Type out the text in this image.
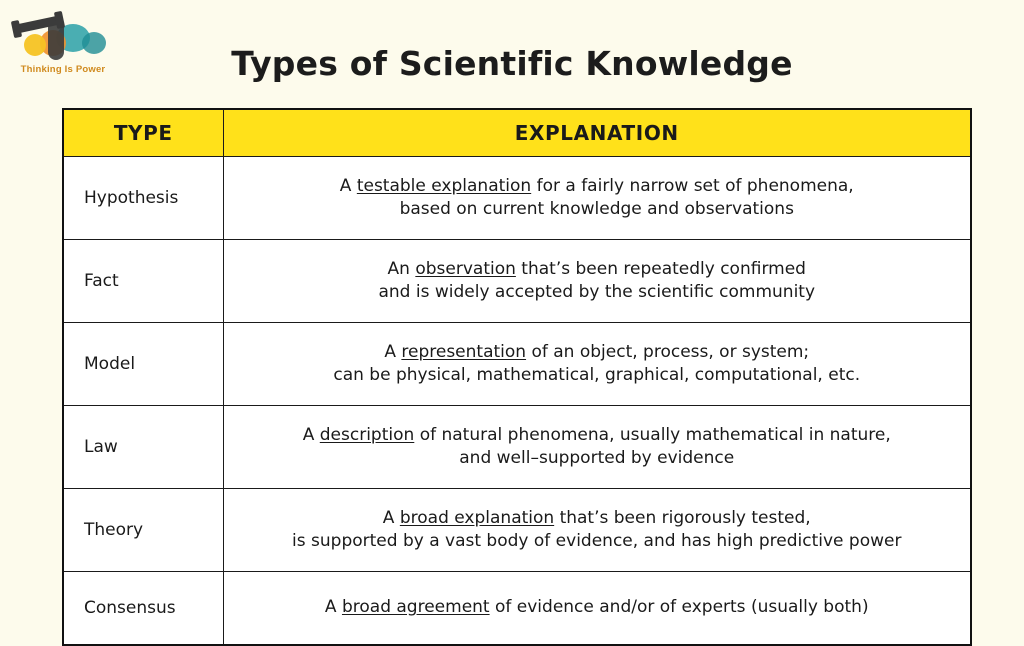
Thinking Is Power	Types of Scientific Knowledge
TYPE	EXPLANATION
Hypothesis	A testable explanation for a fairly narrow set of phenomena,
based on current knowledge and observations
Fact	An observation that’s been repeatedly confirmed
and is widely accepted by the scientific community
Model	A representation of an object, process, or system;
can be physical, mathematical, graphical, computational, etc.
Law	A description of natural phenomena, usually mathematical in nature,
and well–supported by evidence
Theory	A broad explanation that’s been rigorously tested,
is supported by a vast body of evidence, and has high predictive power
Consensus	A broad agreement of evidence and/or of experts (usually both)
